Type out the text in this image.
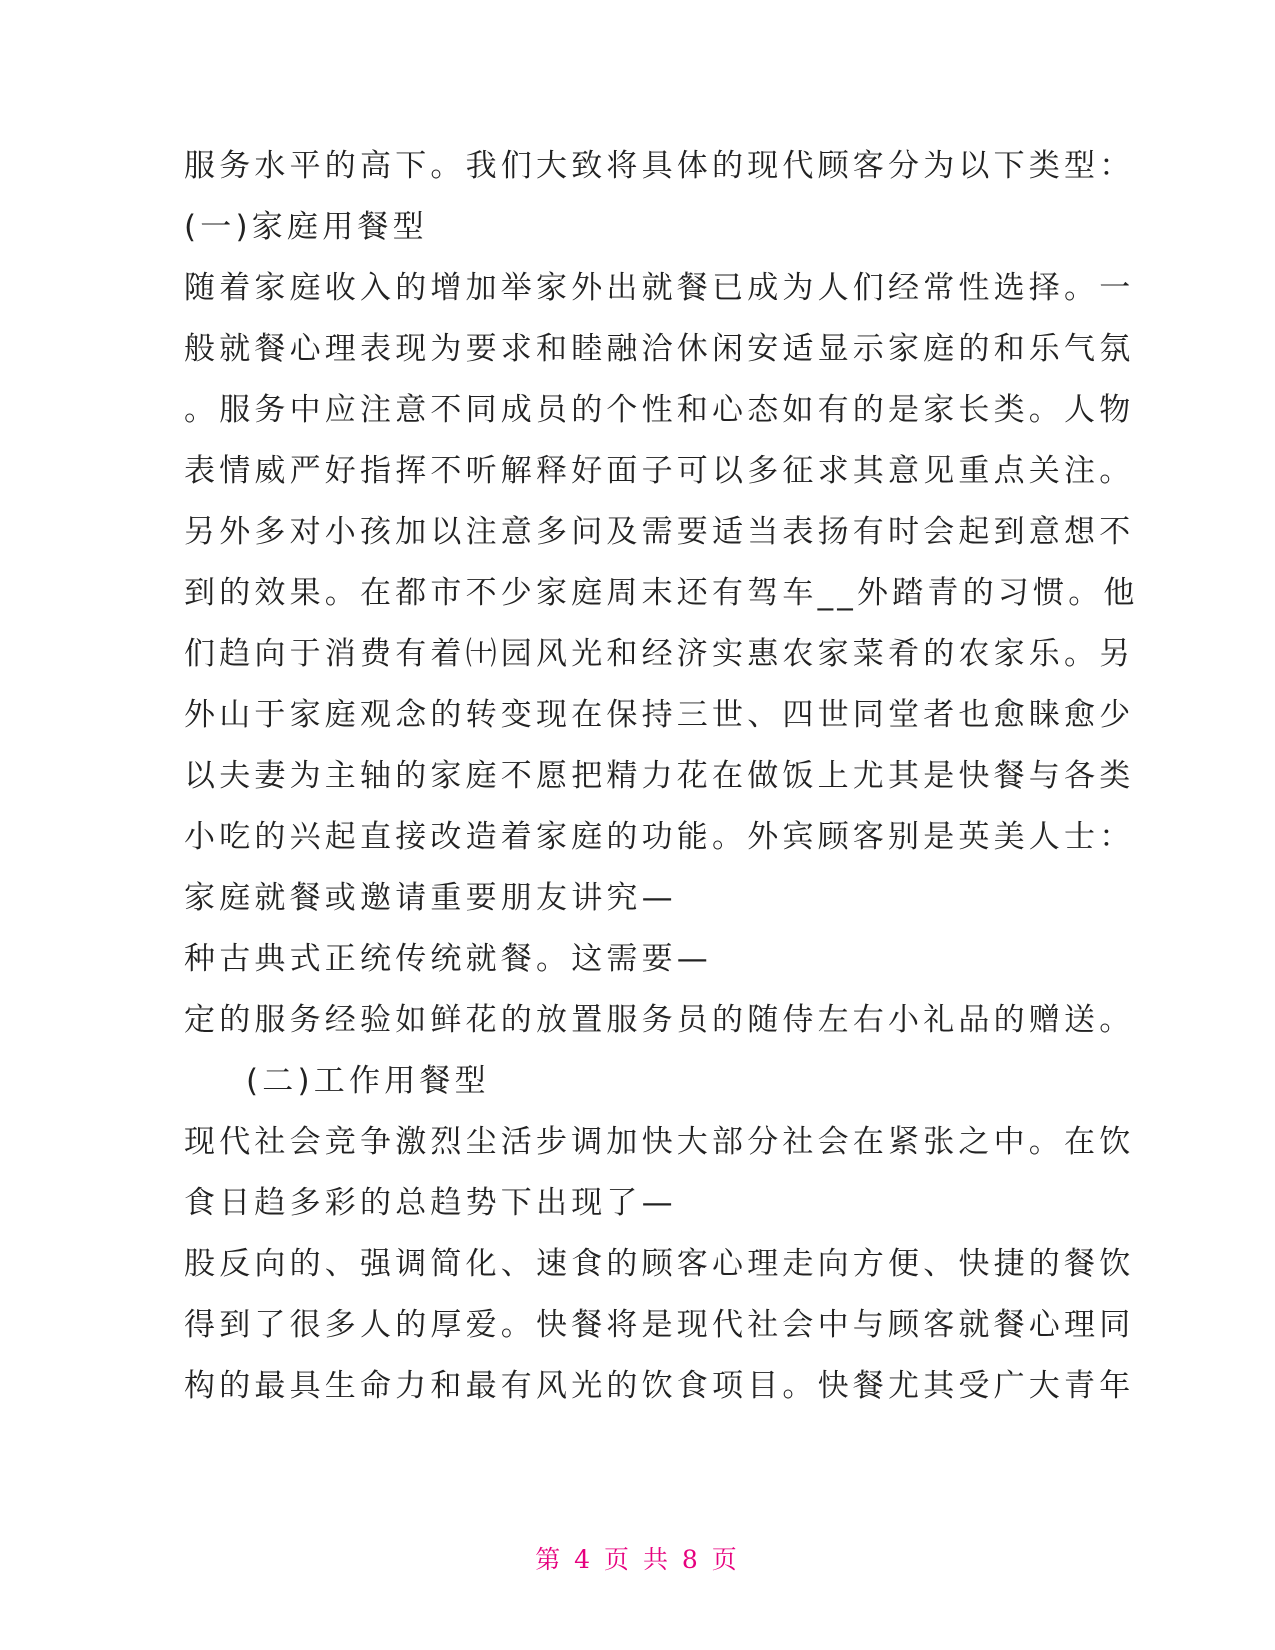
服务水平的高下。我们大致将具体的现代顾客分为以下类型：
(一)家庭用餐型
随着家庭收入的增加举家外出就餐已成为人们经常性选择。一
般就餐心理表现为要求和睦融洽休闲安适显示家庭的和乐气氛
。服务中应注意不同成员的个性和心态如有的是家长类。人物
表情威严好指挥不听解释好面子可以多征求其意见重点关注。
另外多对小孩加以注意多问及需要适当表扬有时会起到意想不
到的效果。在都市不少家庭周末还有驾车__外踏青的习惯。他
们趋向于消费有着㈩园风光和经济实惠农家菜肴的农家乐。另
外山于家庭观念的转变现在保持三世、四世同堂者也愈睐愈少
以夫妻为主轴的家庭不愿把精力花在做饭上尤其是快餐与各类
小吃的兴起直接改造着家庭的功能。外宾顾客别是英美人士：
家庭就餐或邀请重要朋友讲究—
种古典式正统传统就餐。这需要—
定的服务经验如鲜花的放置服务员的随侍左右小礼品的赠送。
(二)工作用餐型
现代社会竞争激烈尘活步调加快大部分社会在紧张之中。在饮
食日趋多彩的总趋势下出现了—
股反向的、强调简化、速食的顾客心理走向方便、快捷的餐饮
得到了很多人的厚爱。快餐将是现代社会中与顾客就餐心理同
构的最具生命力和最有风光的饮食项目。快餐尤其受广大青年
第 4 页 共 8 页
